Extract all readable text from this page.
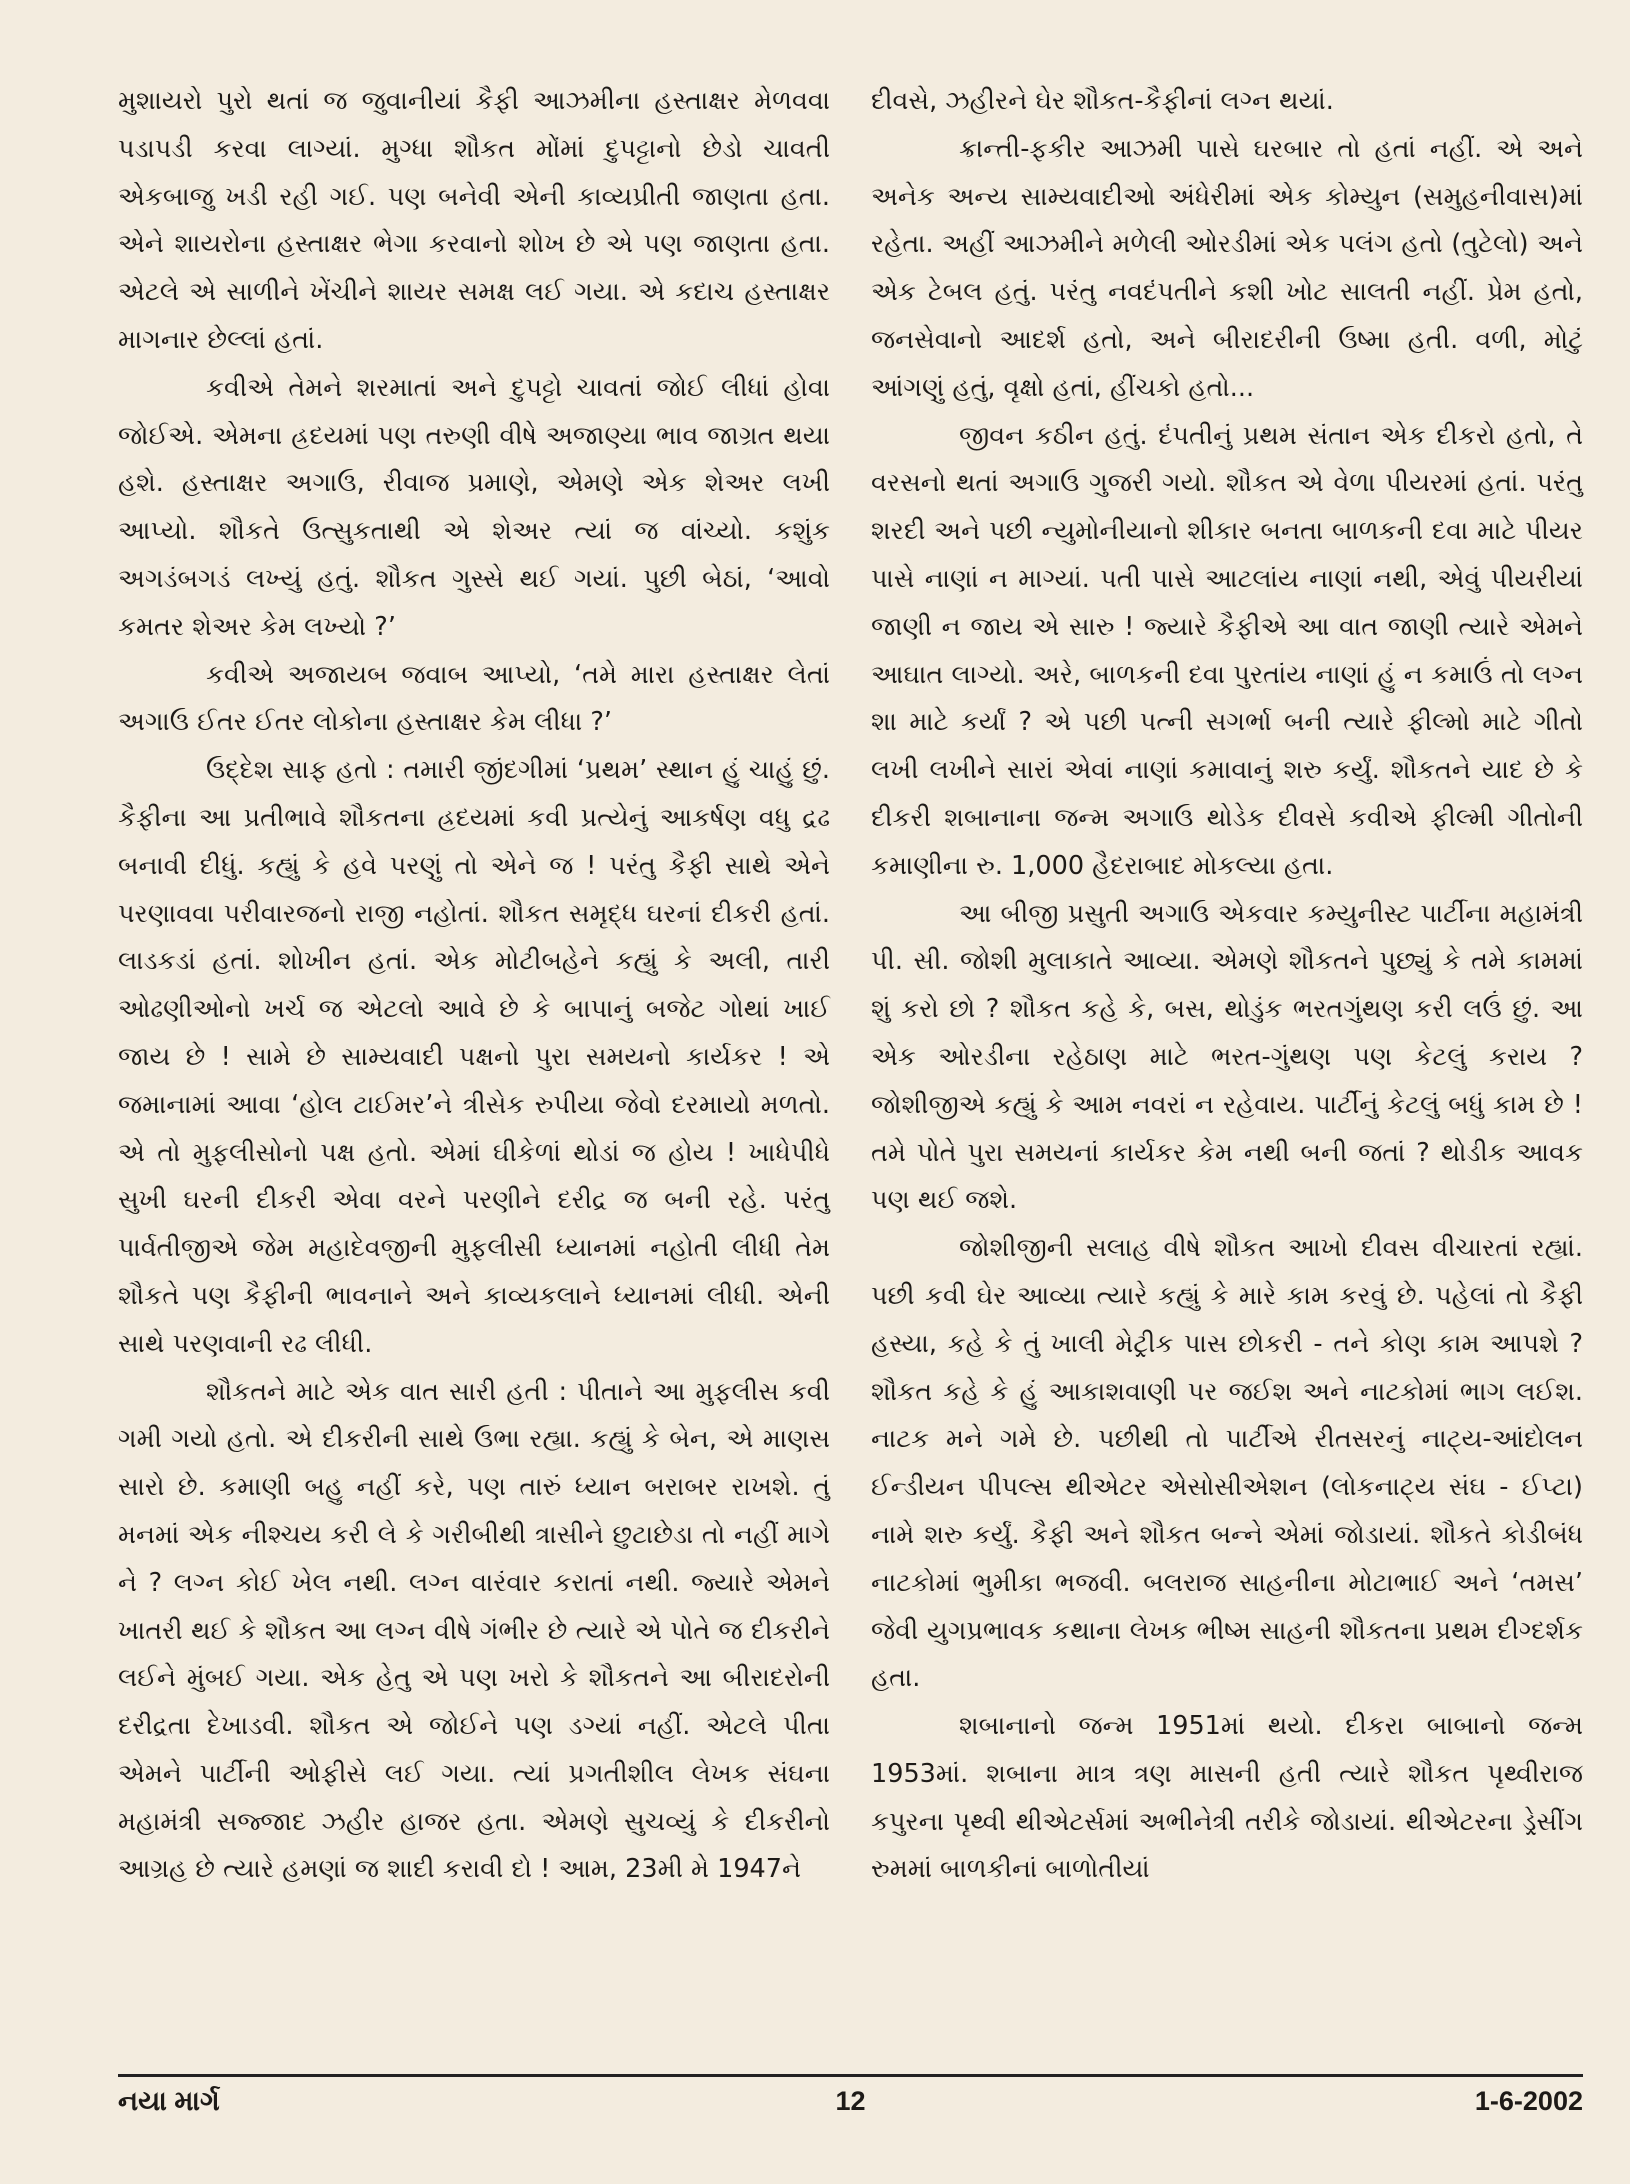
મુશાયરો પુરો થતાં જ જુવાનીયાં કૈફી આઝમીના હસ્તાક્ષર મેળવવા પડાપડી કરવા લાગ્યાં. મુગ્ધા શૌકત મોંમાં દુપટ્ટાનો છેડો ચાવતી એકબાજુ ખડી રહી ગઈ. પણ બનેવી એની કાવ્યપ્રીતી જાણતા હતા. એને શાયરોના હસ્તાક્ષર ભેગા કરવાનો શોખ છે એ પણ જાણતા હતા. એટલે એ સાળીને ખેંચીને શાયર સમક્ષ લઈ ગયા. એ કદાચ હસ્તાક્ષર માગનાર છેલ્લાં હતાં.

કવીએ તેમને શરમાતાં અને દુપટ્ટો ચાવતાં જોઈ લીધાં હોવા જોઈએ. એમના હ્રદયમાં પણ તરુણી વીષે અજાણ્યા ભાવ જાગ્રત થયા હશે. હસ્તાક્ષર અગાઉ, રીવાજ પ્રમાણે, એમણે એક શેઅર લખી આપ્યો. શૌકતે ઉત્સુકતાથી એ શેઅર ત્યાં જ વાંચ્યો. કશુંક અગડંબગડં લખ્યું હતું. શૌકત ગુસ્સે થઈ ગયાં. પુછી બેઠાં, ‘આવો કમતર શેઅર કેમ લખ્યો ?’

કવીએ અજાયબ જવાબ આપ્યો, ‘તમે મારા હસ્તાક્ષર લેતાં અગાઉ ઈતર ઈતર લોકોના હસ્તાક્ષર કેમ લીધા ?’

ઉદ્દેશ સાફ હતો : તમારી જીંદગીમાં ‘પ્રથમ’ સ્થાન હું ચાહું છું. કૈફીના આ પ્રતીભાવે શૌકતના હ્રદયમાં કવી પ્રત્યેનું આકર્ષણ વધુ દ્રઢ બનાવી દીધું. કહ્યું કે હવે પરણું તો એને જ ! પરંતુ કૈફી સાથે એને પરણાવવા પરીવારજનો રાજી નહોતાં. શૌકત સમૃદ્ધ ઘરનાં દીકરી હતાં. લાડકડાં હતાં. શોખીન હતાં. એક મોટીબહેને કહ્યું કે અલી, તારી ઓઢણીઓનો ખર્ચ જ એટલો આવે છે કે બાપાનું બજેટ ગોથાં ખાઈ જાય છે ! સામે છે સામ્યવાદી પક્ષનો પુરા સમયનો કાર્યકર ! એ જમાનામાં આવા ‘હોલ ટાઈમર’ને ત્રીસેક રુપીયા જેવો દરમાયો મળતો. એ તો મુફલીસોનો પક્ષ હતો. એમાં ઘીકેળાં થોડાં જ હોય ! ખાધેપીધે સુખી ઘરની દીકરી એવા વરને પરણીને દરીદ્ર જ બની રહે. પરંતુ પાર્વતીજીએ જેમ મહાદેવજીની મુફલીસી ધ્યાનમાં નહોતી લીધી તેમ શૌકતે પણ કૈફીની ભાવનાને અને કાવ્યકલાને ધ્યાનમાં લીધી. એની સાથે પરણવાની રઢ લીધી.

શૌકતને માટે એક વાત સારી હતી : પીતાને આ મુફલીસ કવી ગમી ગયો હતો. એ દીકરીની સાથે ઉભા રહ્યા. કહ્યું કે બેન, એ માણસ સારો છે. કમાણી બહુ નહીં કરે, પણ તારું ધ્યાન બરાબર રાખશે. તું મનમાં એક નીશ્ચય કરી લે કે ગરીબીથી ત્રાસીને છુટાછેડા તો નહીં માગે ને ? લગ્ન કોઈ ખેલ નથી. લગ્ન વારંવાર કરાતાં નથી. જ્યારે એમને ખાતરી થઈ કે શૌકત આ લગ્ન વીષે ગંભીર છે ત્યારે એ પોતે જ દીકરીને લઈને મુંબઈ ગયા. એક હેતુ એ પણ ખરો કે શૌકતને આ બીરાદરોની દરીદ્રતા દેખાડવી. શૌકત એ જોઈને પણ ડગ્યાં નહીં. એટલે પીતા એમને પાર્ટીની ઓફીસે લઈ ગયા. ત્યાં પ્રગતીશીલ લેખક સંઘના મહામંત્રી સજ્જાદ ઝહીર હાજર હતા. એમણે સુચવ્યું કે દીકરીનો આગ્રહ છે ત્યારે હમણાં જ શાદી કરાવી દો ! આમ, 23મી મે 1947ને

દીવસે, ઝહીરને ઘેર શૌકત-કૈફીનાં લગ્ન થયાં.

ક્રાન્તી-ફકીર આઝમી પાસે ઘરબાર તો હતાં નહીં. એ અને અનેક અન્ય સામ્યવાદીઓ અંધેરીમાં એક કોમ્યુન (સમુહનીવાસ)માં રહેતા. અહીં આઝમીને મળેલી ઓરડીમાં એક પલંગ હતો (તુટેલો) અને એક ટેબલ હતું. પરંતુ નવદંપતીને કશી ખોટ સાલતી નહીં. પ્રેમ હતો, જનસેવાનો આદર્શ હતો, અને બીરાદરીની ઉષ્મા હતી. વળી, મોટું આંગણું હતું, વૃક્ષો હતાં, હીંચકો હતો...

જીવન કઠીન હતું. દંપતીનું પ્રથમ સંતાન એક દીકરો હતો, તે વરસનો થતાં અગાઉ ગુજરી ગયો. શૌકત એ વેળા પીયરમાં હતાં. પરંતુ શરદી અને પછી ન્યુમોનીયાનો શીકાર બનતા બાળકની દવા માટે પીયર પાસે નાણાં ન માગ્યાં. પતી પાસે આટલાંય નાણાં નથી, એવું પીયરીયાં જાણી ન જાય એ સારુ ! જ્યારે કૈફીએ આ વાત જાણી ત્યારે એમને આઘાત લાગ્યો. અરે, બાળકની દવા પુરતાંય નાણાં હું ન કમાઉં તો લગ્ન શા માટે કર્યાં ? એ પછી પત્ની સગર્ભા બની ત્યારે ફીલ્મો માટે ગીતો લખી લખીને સારાં એવાં નાણાં કમાવાનું શરુ કર્યું. શૌકતને યાદ છે કે દીકરી શબાનાના જન્મ અગાઉ થોડેક દીવસે કવીએ ફીલ્મી ગીતોની કમાણીના રુ. 1,000 હૈદરાબાદ મોકલ્યા હતા.

આ બીજી પ્રસુતી અગાઉ એકવાર કમ્યુનીસ્ટ પાર્ટીના મહામંત્રી પી. સી. જોશી મુલાકાતે આવ્યા. એમણે શૌકતને પુછ્યું કે તમે કામમાં શું કરો છો ? શૌકત કહે કે, બસ, થોડુંક ભરતગુંથણ કરી લઉં છું. આ એક ઓરડીના રહેઠાણ માટે ભરત-ગુંથણ પણ કેટલું કરાય ? જોશીજીએ કહ્યું કે આમ નવરાં ન રહેવાય. પાર્ટીનું કેટલું બધું કામ છે ! તમે પોતે પુરા સમયનાં કાર્યકર કેમ નથી બની જતાં ? થોડીક આવક પણ થઈ જશે.

જોશીજીની સલાહ વીષે શૌકત આખો દીવસ વીચારતાં રહ્યાં. પછી કવી ઘેર આવ્યા ત્યારે કહ્યું કે મારે કામ કરવું છે. પહેલાં તો કૈફી હસ્યા, કહે કે તું ખાલી મેટ્રીક પાસ છોકરી - તને કોણ કામ આપશે ? શૌકત કહે કે હું આકાશવાણી પર જઈશ અને નાટકોમાં ભાગ લઈશ. નાટક મને ગમે છે. પછીથી તો પાર્ટીએ રીતસરનું નાટ્ય-આંદોલન ઈન્ડીયન પીપલ્સ થીએટર એસોસીએશન (લોકનાટ્ય સંઘ - ઈપ્ટા) નામે શરુ કર્યું. કૈફી અને શૌકત બન્ને એમાં જોડાયાં. શૌકતે કોડીબંધ નાટકોમાં ભુમીકા ભજવી. બલરાજ સાહનીના મોટાભાઈ અને ‘તમસ’ જેવી યુગપ્રભાવક કથાના લેખક ભીષ્મ સાહની શૌકતના પ્રથમ દીગ્દર્શક હતા.

શબાનાનો જન્મ 1951માં થયો. દીકરા બાબાનો જન્મ 1953માં. શબાના માત્ર ત્રણ માસની હતી ત્યારે શૌકત પૃથ્વીરાજ કપુરના પૃથ્વી થીએટર્સમાં અભીનેત્રી તરીકે જોડાયાં. થીએટરના ડ્રેસીંગ રુમમાં બાળકીનાં બાળોતીયાં

નયા માર્ગ	12	1-6-2002
